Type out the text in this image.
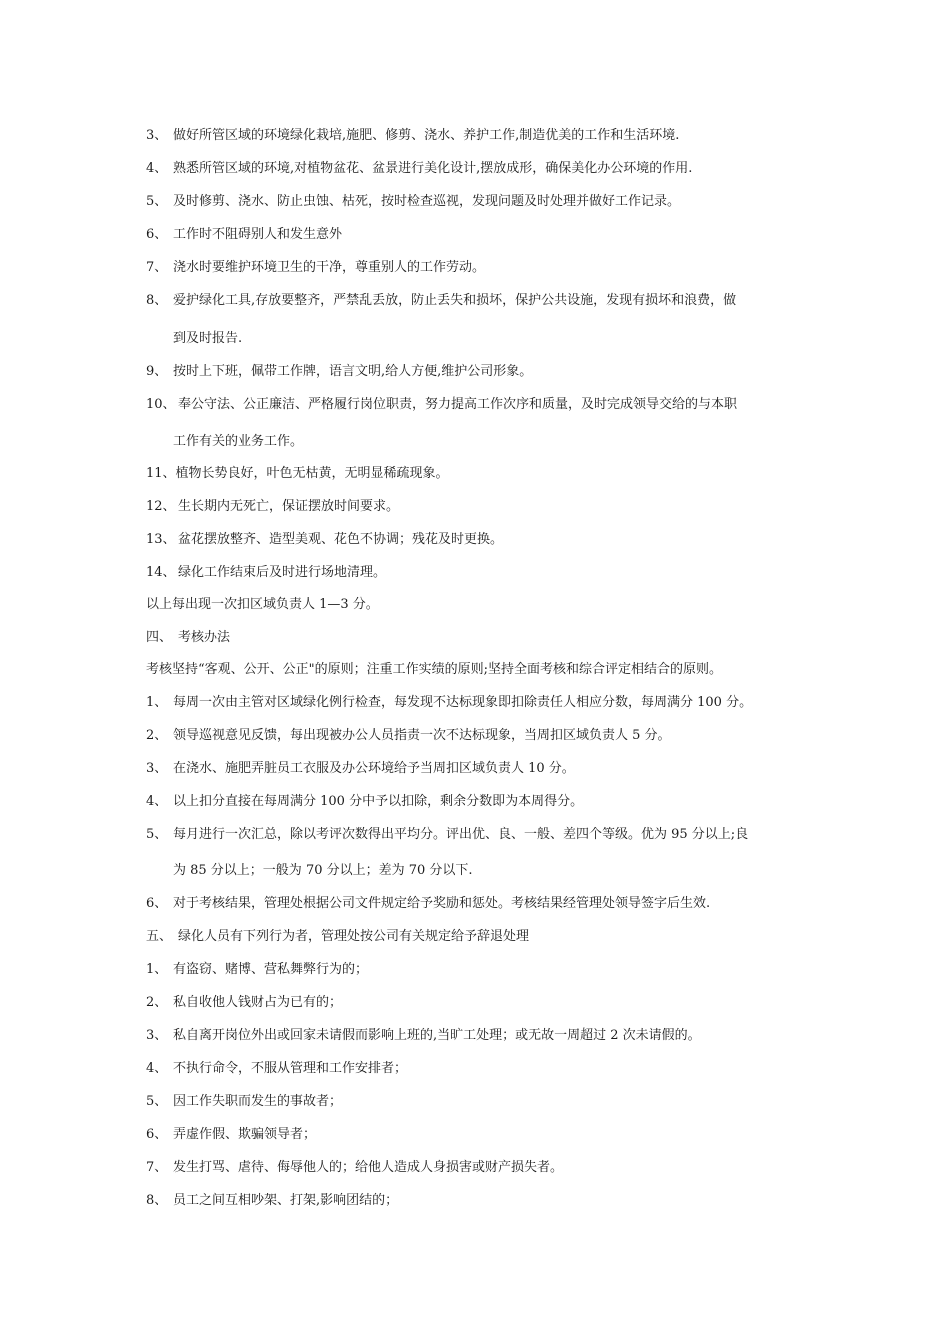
3、 做好所管区域的环境绿化栽培,施肥、修剪、浇水、养护工作,制造优美的工作和生活环境.
4、 熟悉所管区域的环境,对植物盆花、盆景进行美化设计,摆放成形，确保美化办公环境的作用.
5、 及时修剪、浇水、防止虫蚀、枯死，按时检查巡视，发现问题及时处理并做好工作记录。
6、 工作时不阻碍别人和发生意外
7、 浇水时要维护环境卫生的干净，尊重别人的工作劳动。
8、 爱护绿化工具,存放要整齐，严禁乱丢放，防止丢失和损坏，保护公共设施，发现有损坏和浪费，做
到及时报告.
9、 按时上下班，佩带工作牌，语言文明,给人方便,维护公司形象。
10、 奉公守法、公正廉洁、严格履行岗位职责，努力提高工作次序和质量，及时完成领导交给的与本职
工作有关的业务工作。
11、植物长势良好，叶色无枯黄，无明显稀疏现象。
12、 生长期内无死亡，保证摆放时间要求。
13、 盆花摆放整齐、造型美观、花色不协调；残花及时更换。
14、 绿化工作结束后及时进行场地清理。
以上每出现一次扣区域负责人 1—3 分。
四、 考核办法
考核坚持“客观、公开、公正"的原则；注重工作实绩的原则;坚持全面考核和综合评定相结合的原则。
1、 每周一次由主管对区域绿化例行检查，每发现不达标现象即扣除责任人相应分数，每周满分 100 分。
2、 领导巡视意见反馈，每出现被办公人员指责一次不达标现象，当周扣区域负责人 5 分。
3、 在浇水、施肥弄脏员工衣服及办公环境给予当周扣区域负责人 10 分。
4、 以上扣分直接在每周满分 100 分中予以扣除，剩余分数即为本周得分。
5、 每月进行一次汇总，除以考评次数得出平均分。评出优、良、一般、差四个等级。优为 95 分以上;良
为 85 分以上；一般为 70 分以上；差为 70 分以下.
6、 对于考核结果，管理处根据公司文件规定给予奖励和惩处。考核结果经管理处领导签字后生效.
五、 绿化人员有下列行为者，管理处按公司有关规定给予辞退处理
1、 有盗窃、赌博、营私舞弊行为的；
2、 私自收他人钱财占为已有的；
3、 私自离开岗位外出或回家未请假而影响上班的,当旷工处理；或无故一周超过 2 次未请假的。
4、 不执行命令，不服从管理和工作安排者；
5、 因工作失职而发生的事故者；
6、 弄虚作假、欺骗领导者；
7、 发生打骂、虐待、侮辱他人的；给他人造成人身损害或财产损失者。
8、 员工之间互相吵架、打架,影响团结的；
